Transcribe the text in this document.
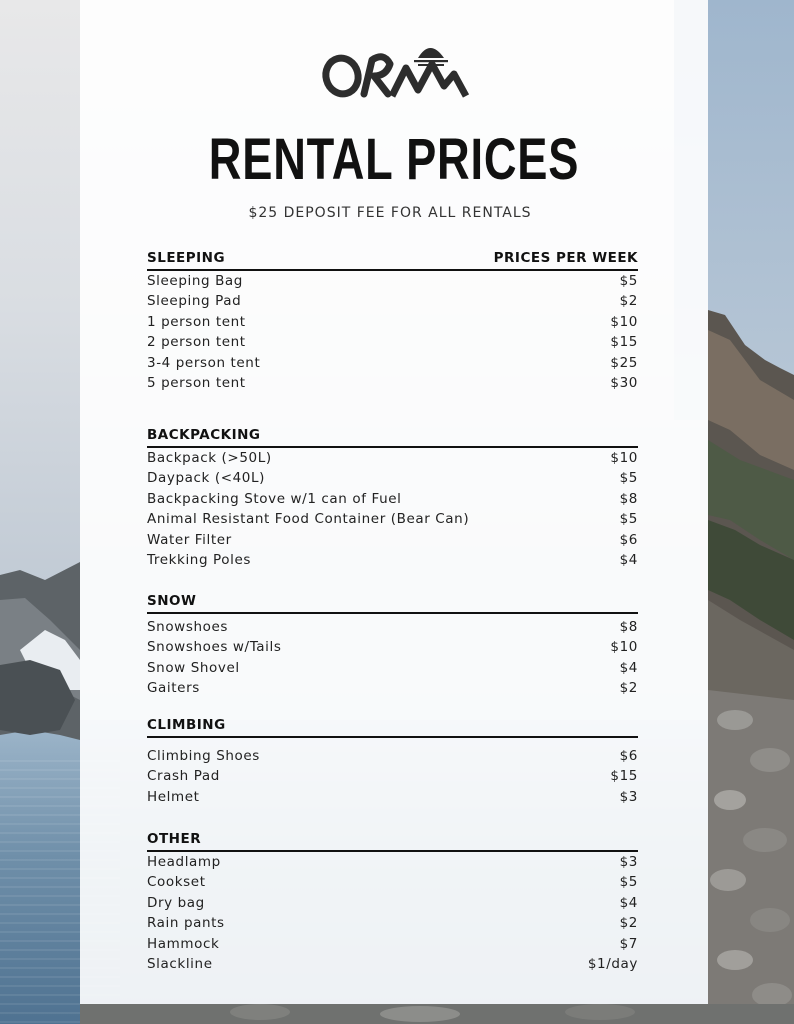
RENTAL PRICES
$25 DEPOSIT FEE FOR ALL RENTALS
SLEEPING	PRICES PER WEEK
Sleeping Bag	$5
Sleeping Pad	$2
1 person tent	$10
2 person tent	$15
3-4 person tent	$25
5 person tent	$30
BACKPACKING
Backpack (>50L)	$10
Daypack (<40L)	$5
Backpacking Stove w/1 can of Fuel	$8
Animal Resistant Food Container (Bear Can)	$5
Water Filter	$6
Trekking Poles	$4
SNOW
Snowshoes	$8
Snowshoes w/Tails	$10
Snow Shovel	$4
Gaiters	$2
CLIMBING
Climbing Shoes	$6
Crash Pad	$15
Helmet	$3
OTHER
Headlamp	$3
Cookset	$5
Dry bag	$4
Rain pants	$2
Hammock	$7
Slackline	$1/day
